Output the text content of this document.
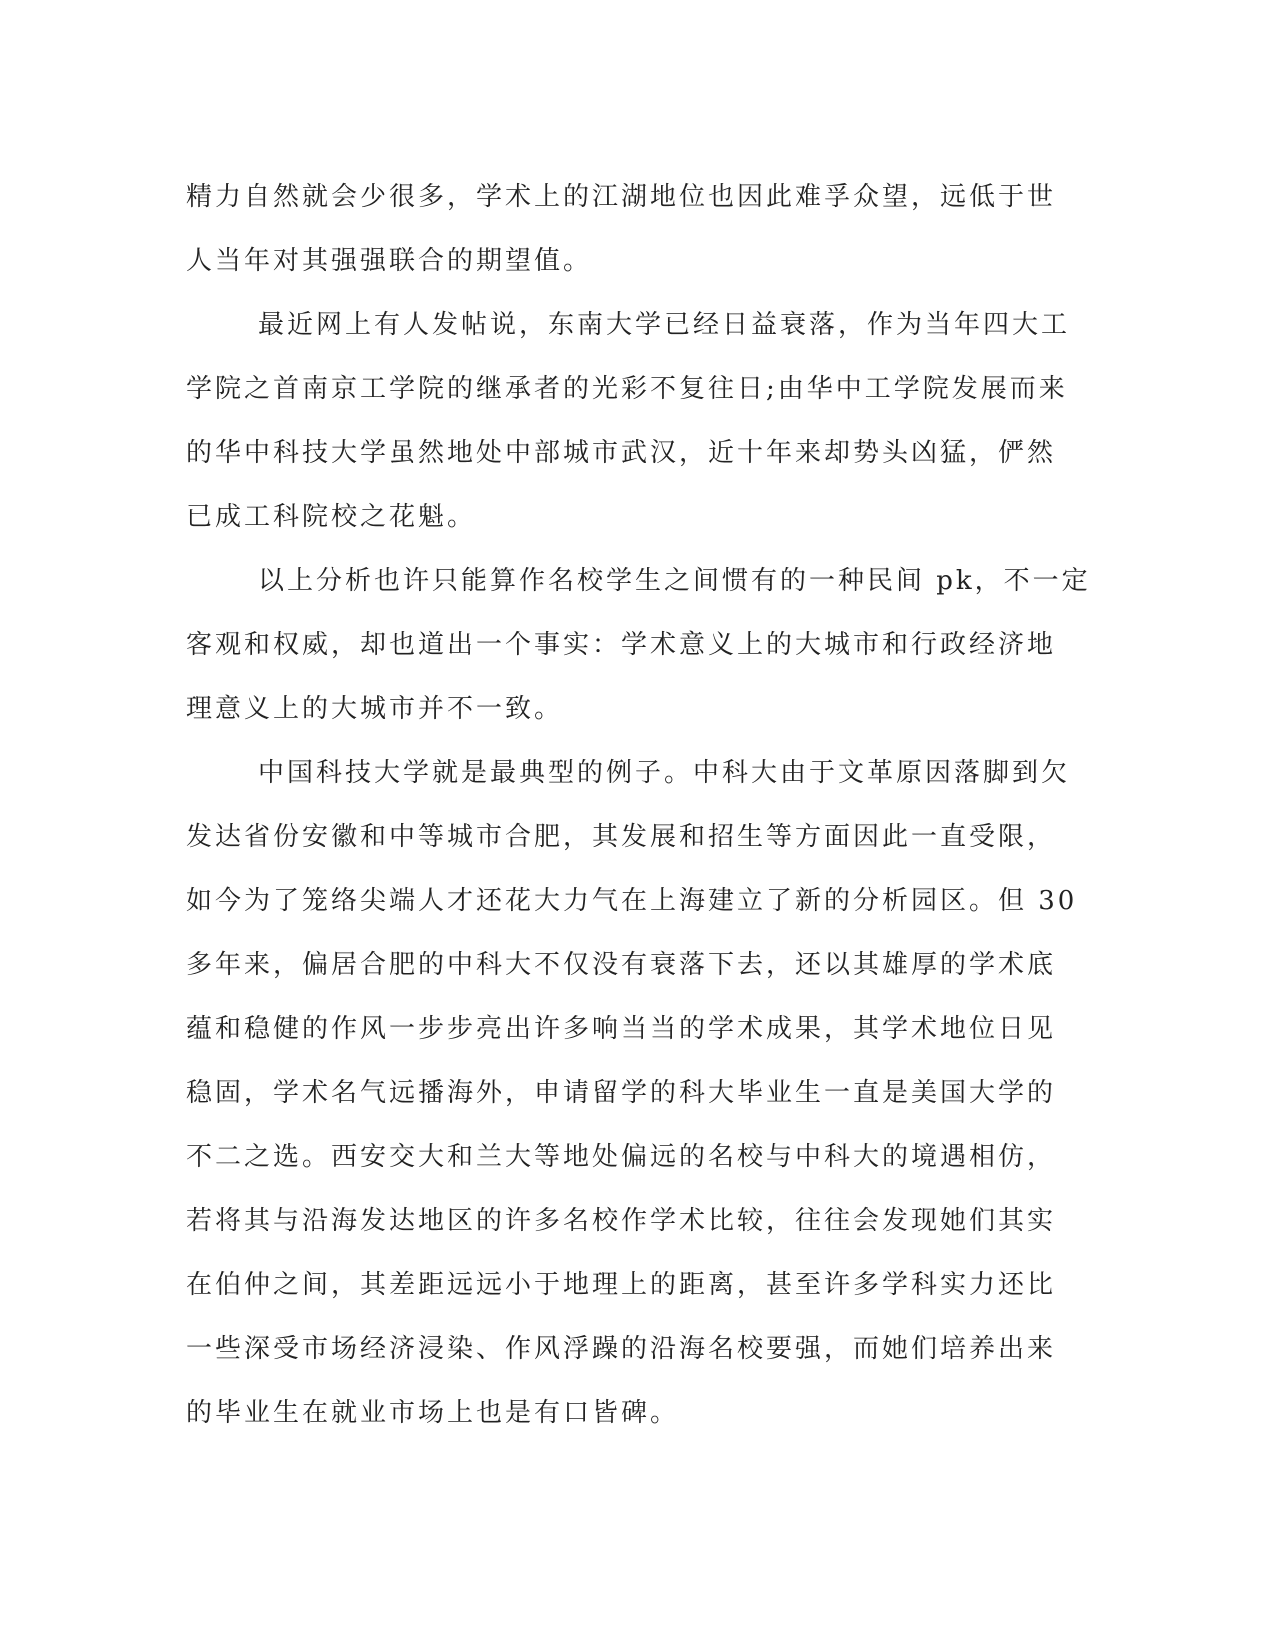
精力自然就会少很多，学术上的江湖地位也因此难孚众望，远低于世
人当年对其强强联合的期望值。

最近网上有人发帖说，东南大学已经日益衰落，作为当年四大工
学院之首南京工学院的继承者的光彩不复往日;由华中工学院发展而来
的华中科技大学虽然地处中部城市武汉，近十年来却势头凶猛，俨然
已成工科院校之花魁。

以上分析也许只能算作名校学生之间惯有的一种民间 pk，不一定
客观和权威，却也道出一个事实：学术意义上的大城市和行政经济地
理意义上的大城市并不一致。

中国科技大学就是最典型的例子。中科大由于文革原因落脚到欠
发达省份安徽和中等城市合肥，其发展和招生等方面因此一直受限，
如今为了笼络尖端人才还花大力气在上海建立了新的分析园区。但 30
多年来，偏居合肥的中科大不仅没有衰落下去，还以其雄厚的学术底
蕴和稳健的作风一步步亮出许多响当当的学术成果，其学术地位日见
稳固，学术名气远播海外，申请留学的科大毕业生一直是美国大学的
不二之选。西安交大和兰大等地处偏远的名校与中科大的境遇相仿，
若将其与沿海发达地区的许多名校作学术比较，往往会发现她们其实
在伯仲之间，其差距远远小于地理上的距离，甚至许多学科实力还比
一些深受市场经济浸染、作风浮躁的沿海名校要强，而她们培养出来
的毕业生在就业市场上也是有口皆碑。
